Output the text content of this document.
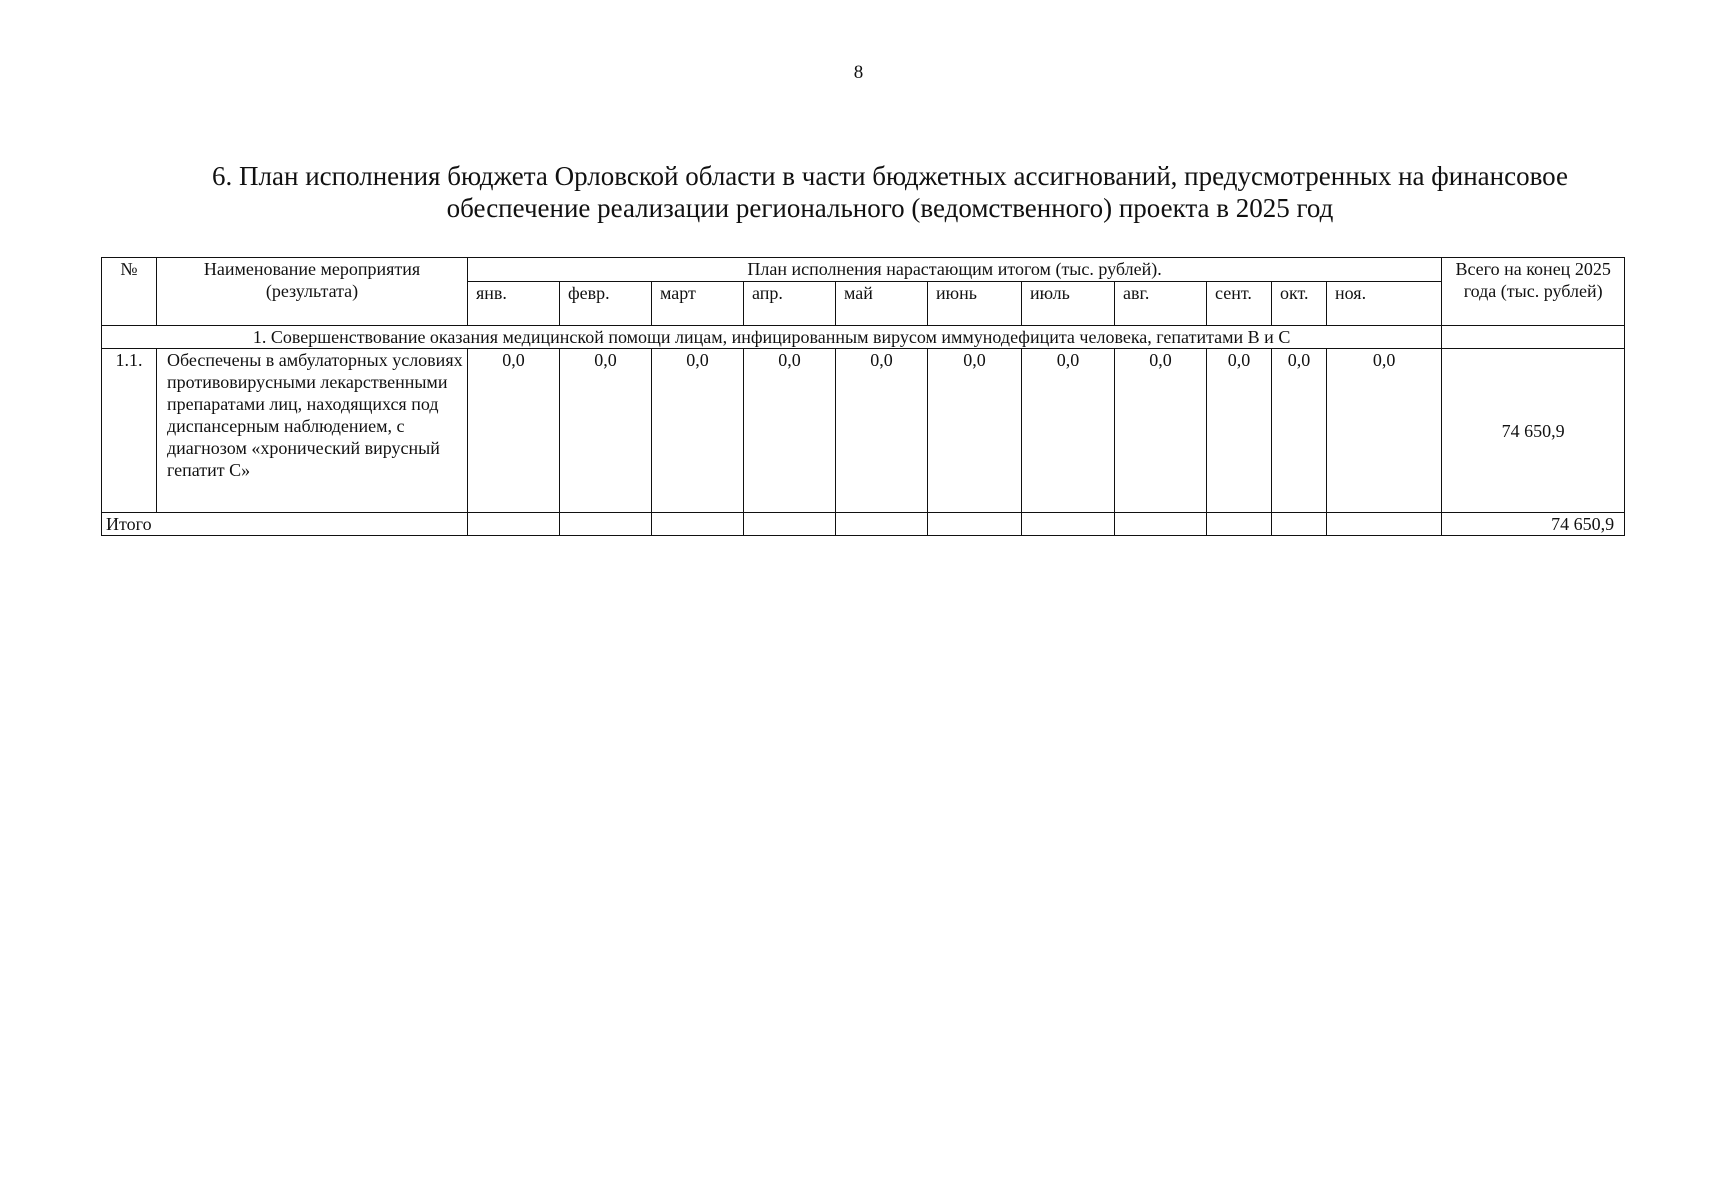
8
6. План исполнения бюджета Орловской области в части бюджетных ассигнований, предусмотренных на финансовое
обеспечение реализации регионального (ведомственного) проекта в 2025 год
№	Наименование мероприятия (результата)	План исполнения нарастающим итогом (тыс. рублей).											Всего на конец 2025 года (тыс. рублей)
		янв.	февр.	март	апр.	май	июнь	июль	авг.	сент.	окт.	ноя.	
1. Совершенствование оказания медицинской помощи лицам, инфицированным вирусом иммунодефицита человека, гепатитами В и С													
1.1.	Обеспечены в амбулаторных условиях противовирусными лекарственными препаратами лиц, находящихся под диспансерным наблюдением, с диагнозом «хронический вирусный гепатит С»	0,0	0,0	0,0	0,0	0,0	0,0	0,0	0,0	0,0	0,0	0,0	74 650,9
Итого													74 650,9
